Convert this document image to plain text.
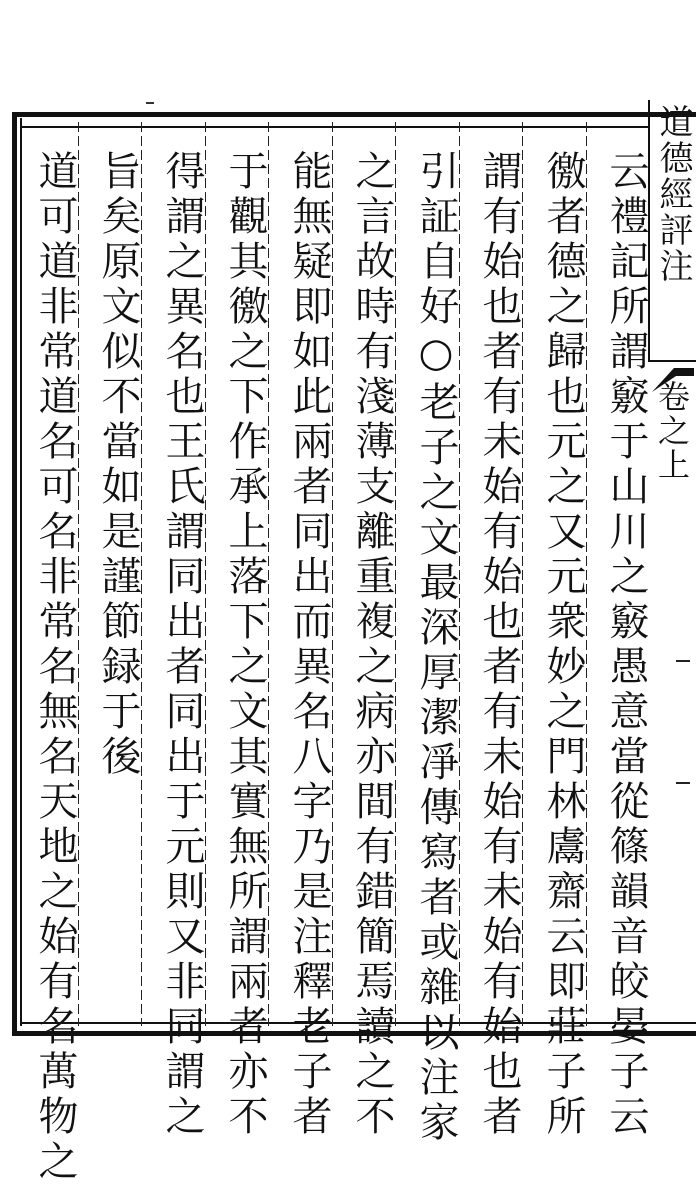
道德經評注
卷之上
云禮記所謂竅于山川之竅愚意當從篠韻音皎晏子云
徼者德之歸也元之又元衆妙之門林鬳齋云即莊子所
謂有始也者有未始有始也者有未始有未始有始也者
引証自好○老子之文最深厚潔凈傳寫者或雜以注家
之言故時有淺薄支離重複之病亦間有錯簡焉讀之不
能無疑即如此兩者同出而異名八字乃是注釋老子者
于觀其徼之下作承上落下之文其實無所謂兩者亦不
得謂之異名也王氏謂同出者同出于元則又非同謂之
旨矣原文似不當如是謹節録于後
道可道非常道名可名非常名無名天地之始有名萬物之
